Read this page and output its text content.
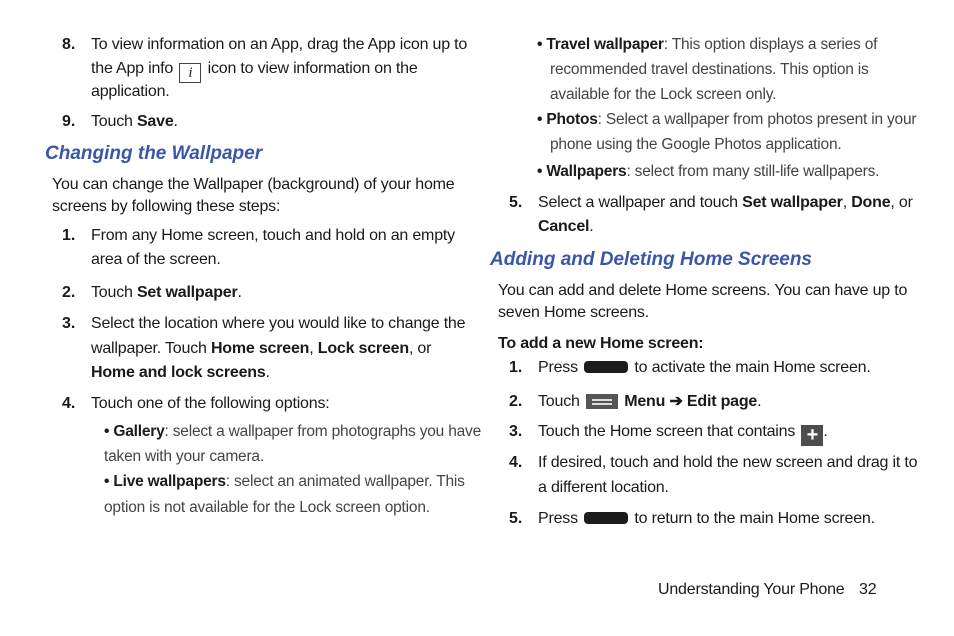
8. To view information on an App, drag the App icon up to
the App info i icon to view information on the
application.
9. Touch Save.
Changing the Wallpaper
You can change the Wallpaper (background) of your home
screens by following these steps:
1. From any Home screen, touch and hold on an empty
area of the screen.
2. Touch Set wallpaper.
3. Select the location where you would like to change the
wallpaper. Touch Home screen, Lock screen, or
Home and lock screens.
4. Touch one of the following options:
• Gallery: select a wallpaper from photographs you have
taken with your camera.
• Live wallpapers: select an animated wallpaper. This
option is not available for the Lock screen option.
• Travel wallpaper: This option displays a series of
recommended travel destinations. This option is
available for the Lock screen only.
• Photos: Select a wallpaper from photos present in your
phone using the Google Photos application.
• Wallpapers: select from many still-life wallpapers.
5. Select a wallpaper and touch Set wallpaper, Done, or
Cancel.
Adding and Deleting Home Screens
You can add and delete Home screens. You can have up to
seven Home screens.
To add a new Home screen:
1. Press	to activate the main Home screen.
2. Touch	Menu ➔ Edit page.
3. Touch the Home screen that contains + .
4. If desired, touch and hold the new screen and drag it to
a different location.
5. Press	to return to the main Home screen.
Understanding Your Phone 32
